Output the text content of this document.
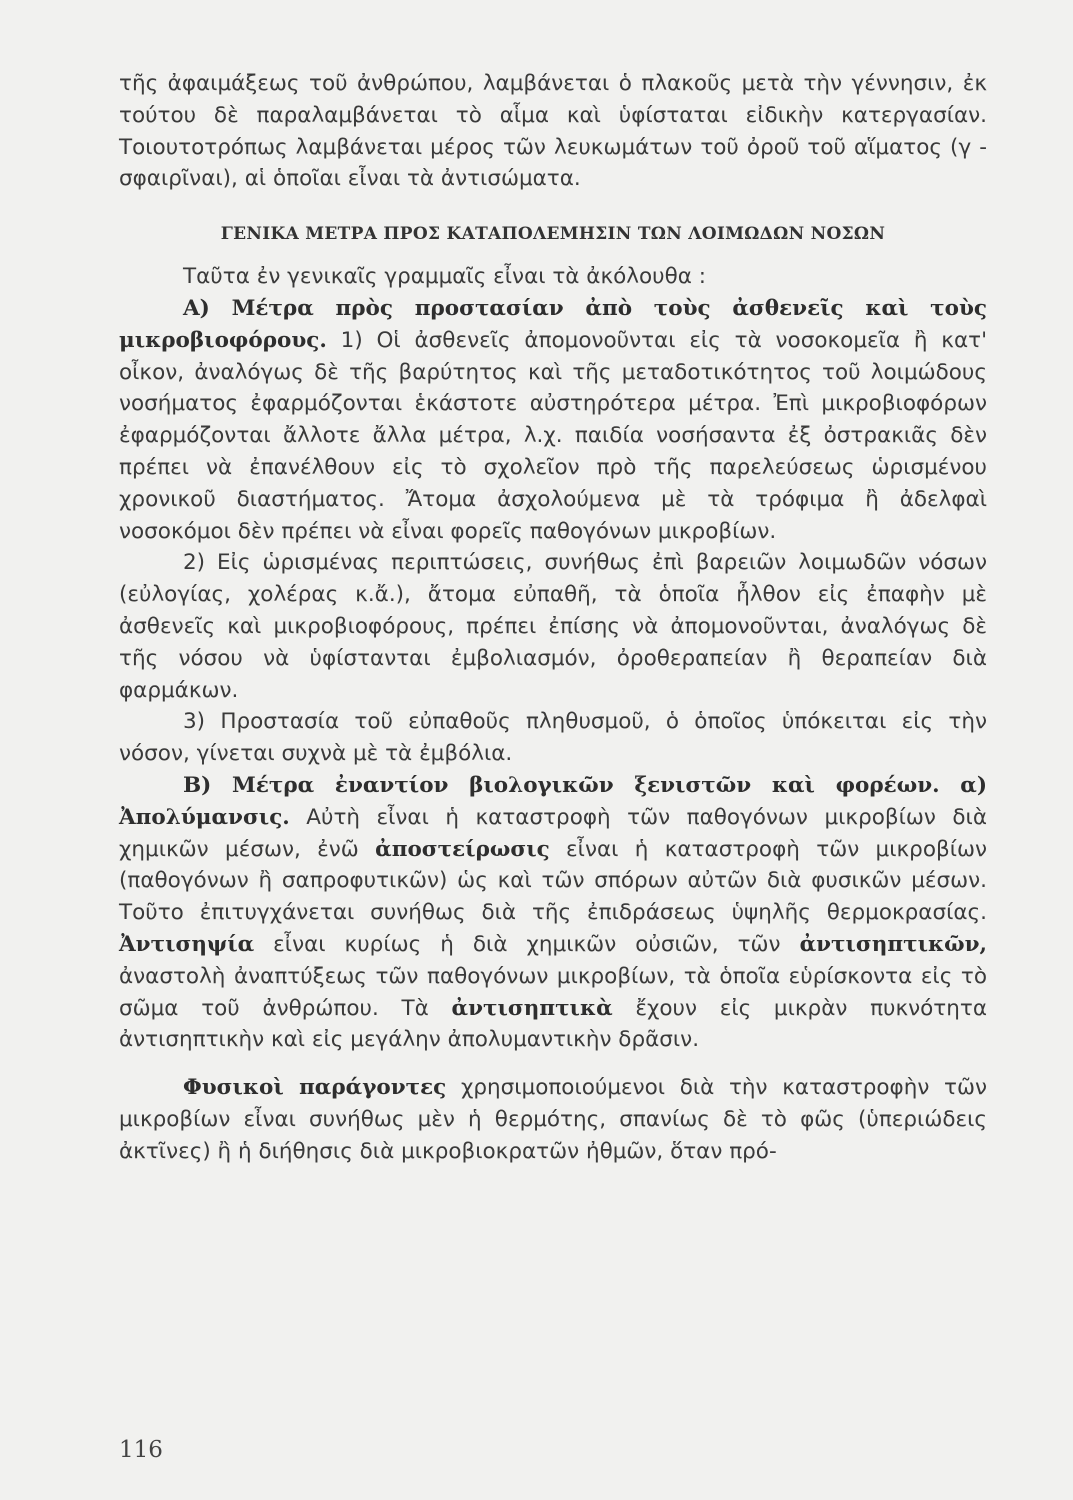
τῆς ἀφαιμάξεως τοῦ ἀνθρώπου, λαμβάνεται ὁ πλακοῦς μετὰ τὴν γέννησιν, ἐκ τούτου δὲ παραλαμβάνεται τὸ αἷμα καὶ ὑφίσταται εἰδικὴν κατεργασίαν. Τοιουτοτρόπως λαμβάνεται μέρος τῶν λευκωμάτων τοῦ ὀροῦ τοῦ αἵματος (γ - σφαιρῖναι), αἱ ὁποῖαι εἶναι τὰ ἀντισώματα.

ΓΕΝΙΚΑ ΜΕΤΡΑ ΠΡΟΣ ΚΑΤΑΠΟΛΕΜΗΣΙΝ ΤΩΝ ΛΟΙΜΩΔΩΝ ΝΟΣΩΝ

Ταῦτα ἐν γενικαῖς γραμμαῖς εἶναι τὰ ἀκόλουθα :

Α) Μέτρα πρὸς προστασίαν ἀπὸ τοὺς ἀσθενεῖς καὶ τοὺς μικροβιοφόρους. 1) Οἱ ἀσθενεῖς ἀπομονοῦνται εἰς τὰ νοσοκομεῖα ἢ κατ' οἶκον, ἀναλόγως δὲ τῆς βαρύτητος καὶ τῆς μεταδοτικότητος τοῦ λοιμώδους νοσήματος ἐφαρμόζονται ἑκάστοτε αὐστηρότερα μέτρα. Ἐπὶ μικροβιοφόρων ἐφαρμόζονται ἄλλοτε ἄλλα μέτρα, λ.χ. παιδία νοσήσαντα ἐξ ὀστρακιᾶς δὲν πρέπει νὰ ἐπανέλθουν εἰς τὸ σχολεῖον πρὸ τῆς παρελεύσεως ὡρισμένου χρονικοῦ διαστήματος. Ἄτομα ἀσχολούμενα μὲ τὰ τρόφιμα ἢ ἀδελφαὶ νοσοκόμοι δὲν πρέπει νὰ εἶναι φορεῖς παθογόνων μικροβίων.

2) Εἰς ὡρισμένας περιπτώσεις, συνήθως ἐπὶ βαρειῶν λοιμωδῶν νόσων (εὐλογίας, χολέρας κ.ἄ.), ἄτομα εὐπαθῆ, τὰ ὁποῖα ἦλθον εἰς ἐπαφὴν μὲ ἀσθενεῖς καὶ μικροβιοφόρους, πρέπει ἐπίσης νὰ ἀπομονοῦνται, ἀναλόγως δὲ τῆς νόσου νὰ ὑφίστανται ἐμβολιασμόν, ὀροθεραπείαν ἢ θεραπείαν διὰ φαρμάκων.

3) Προστασία τοῦ εὐπαθοῦς πληθυσμοῦ, ὁ ὁποῖος ὑπόκειται εἰς τὴν νόσον, γίνεται συχνὰ μὲ τὰ ἐμβόλια.

Β) Μέτρα ἐναντίον βιολογικῶν ξενιστῶν καὶ φορέων. α) Ἀπολύμανσις. Αὐτὴ εἶναι ἡ καταστροφὴ τῶν παθογόνων μικροβίων διὰ χημικῶν μέσων, ἐνῶ ἀποστείρωσις εἶναι ἡ καταστροφὴ τῶν μικροβίων (παθογόνων ἢ σαπροφυτικῶν) ὡς καὶ τῶν σπόρων αὐτῶν διὰ φυσικῶν μέσων. Τοῦτο ἐπιτυγχάνεται συνήθως διὰ τῆς ἐπιδράσεως ὑψηλῆς θερμοκρασίας. Ἀντισηψία εἶναι κυρίως ἡ διὰ χημικῶν οὐσιῶν, τῶν ἀντισηπτικῶν, ἀναστολὴ ἀναπτύξεως τῶν παθογόνων μικροβίων, τὰ ὁποῖα εὑρίσκοντα εἰς τὸ σῶμα τοῦ ἀνθρώπου. Τὰ ἀντισηπτικὰ ἔχουν εἰς μικρὰν πυκνότητα ἀντισηπτικὴν καὶ εἰς μεγάλην ἀπολυμαντικὴν δρᾶσιν.

Φυσικοὶ παράγοντες χρησιμοποιούμενοι διὰ τὴν καταστροφὴν τῶν μικροβίων εἶναι συνήθως μὲν ἡ θερμότης, σπανίως δὲ τὸ φῶς (ὑπεριώδεις ἀκτῖνες) ἢ ἡ διήθησις διὰ μικροβιοκρατῶν ἠθμῶν, ὅταν πρό-

116
